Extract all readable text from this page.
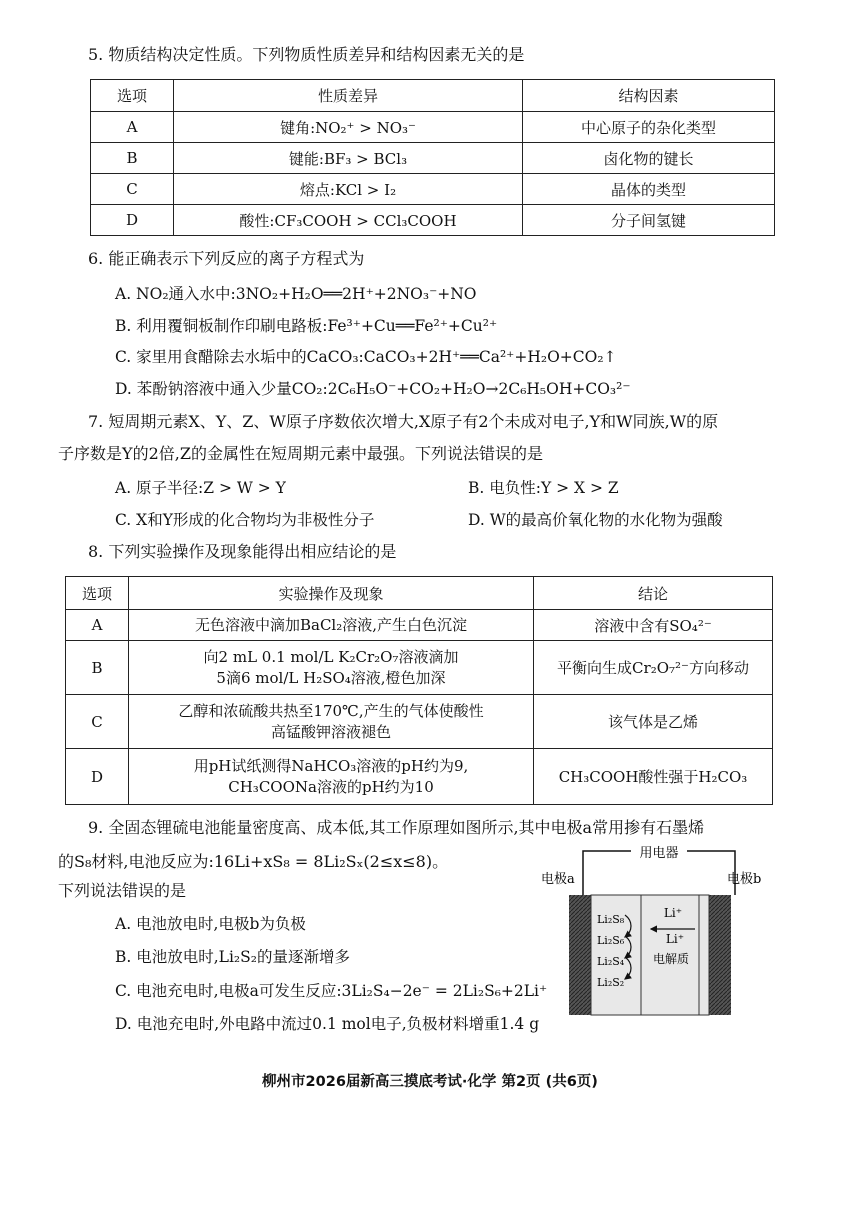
5. 物质结构决定性质。下列物质性质差异和结构因素无关的是
选项	性质差异	结构因素
A	键角:NO₂⁺ > NO₃⁻	中心原子的杂化类型
B	键能:BF₃ > BCl₃	卤化物的键长
C	熔点:KCl > I₂	晶体的类型
D	酸性:CF₃COOH > CCl₃COOH	分子间氢键
6. 能正确表示下列反应的离子方程式为
A. NO₂通入水中:3NO₂+H₂O══2H⁺+2NO₃⁻+NO
B. 利用覆铜板制作印刷电路板:Fe³⁺+Cu══Fe²⁺+Cu²⁺
C. 家里用食醋除去水垢中的CaCO₃:CaCO₃+2H⁺══Ca²⁺+H₂O+CO₂↑
D. 苯酚钠溶液中通入少量CO₂:2C₆H₅O⁻+CO₂+H₂O→2C₆H₅OH+CO₃²⁻
7. 短周期元素X、Y、Z、W原子序数依次增大,X原子有2个未成对电子,Y和W同族,W的原
子序数是Y的2倍,Z的金属性在短周期元素中最强。下列说法错误的是
A. 原子半径:Z > W > Y	B. 电负性:Y > X > Z
C. X和Y形成的化合物均为非极性分子	D. W的最高价氧化物的水化物为强酸
8. 下列实验操作及现象能得出相应结论的是
选项	实验操作及现象	结论
A	无色溶液中滴加BaCl₂溶液,产生白色沉淀	溶液中含有SO₄²⁻
B	向2 mL 0.1 mol/L K₂Cr₂O₇溶液滴加
5滴6 mol/L H₂SO₄溶液,橙色加深	平衡向生成Cr₂O₇²⁻方向移动
C	乙醇和浓硫酸共热至170℃,产生的气体使酸性
高锰酸钾溶液褪色	该气体是乙烯
D	用pH试纸测得NaHCO₃溶液的pH约为9,
CH₃COONa溶液的pH约为10	CH₃COOH酸性强于H₂CO₃
9. 全固态锂硫电池能量密度高、成本低,其工作原理如图所示,其中电极a常用掺有石墨烯
的S₈材料,电池反应为:16Li+xS₈ = 8Li₂Sₓ(2≤x≤8)。
下列说法错误的是
A. 电池放电时,电极b为负极
B. 电池放电时,Li₂S₂的量逐渐增多
C. 电池充电时,电极a可发生反应:3Li₂S₄−2e⁻ = 2Li₂S₆+2Li⁺
D. 电池充电时,外电路中流过0.1 mol电子,负极材料增重1.4 g
用电器
电极a	电极b
Li₂S₈
Li₂S₆
Li₂S₄
Li₂S₂
Li⁺
Li⁺
电解质
柳州市2026届新高三摸底考试·化学 第2页 (共6页)
